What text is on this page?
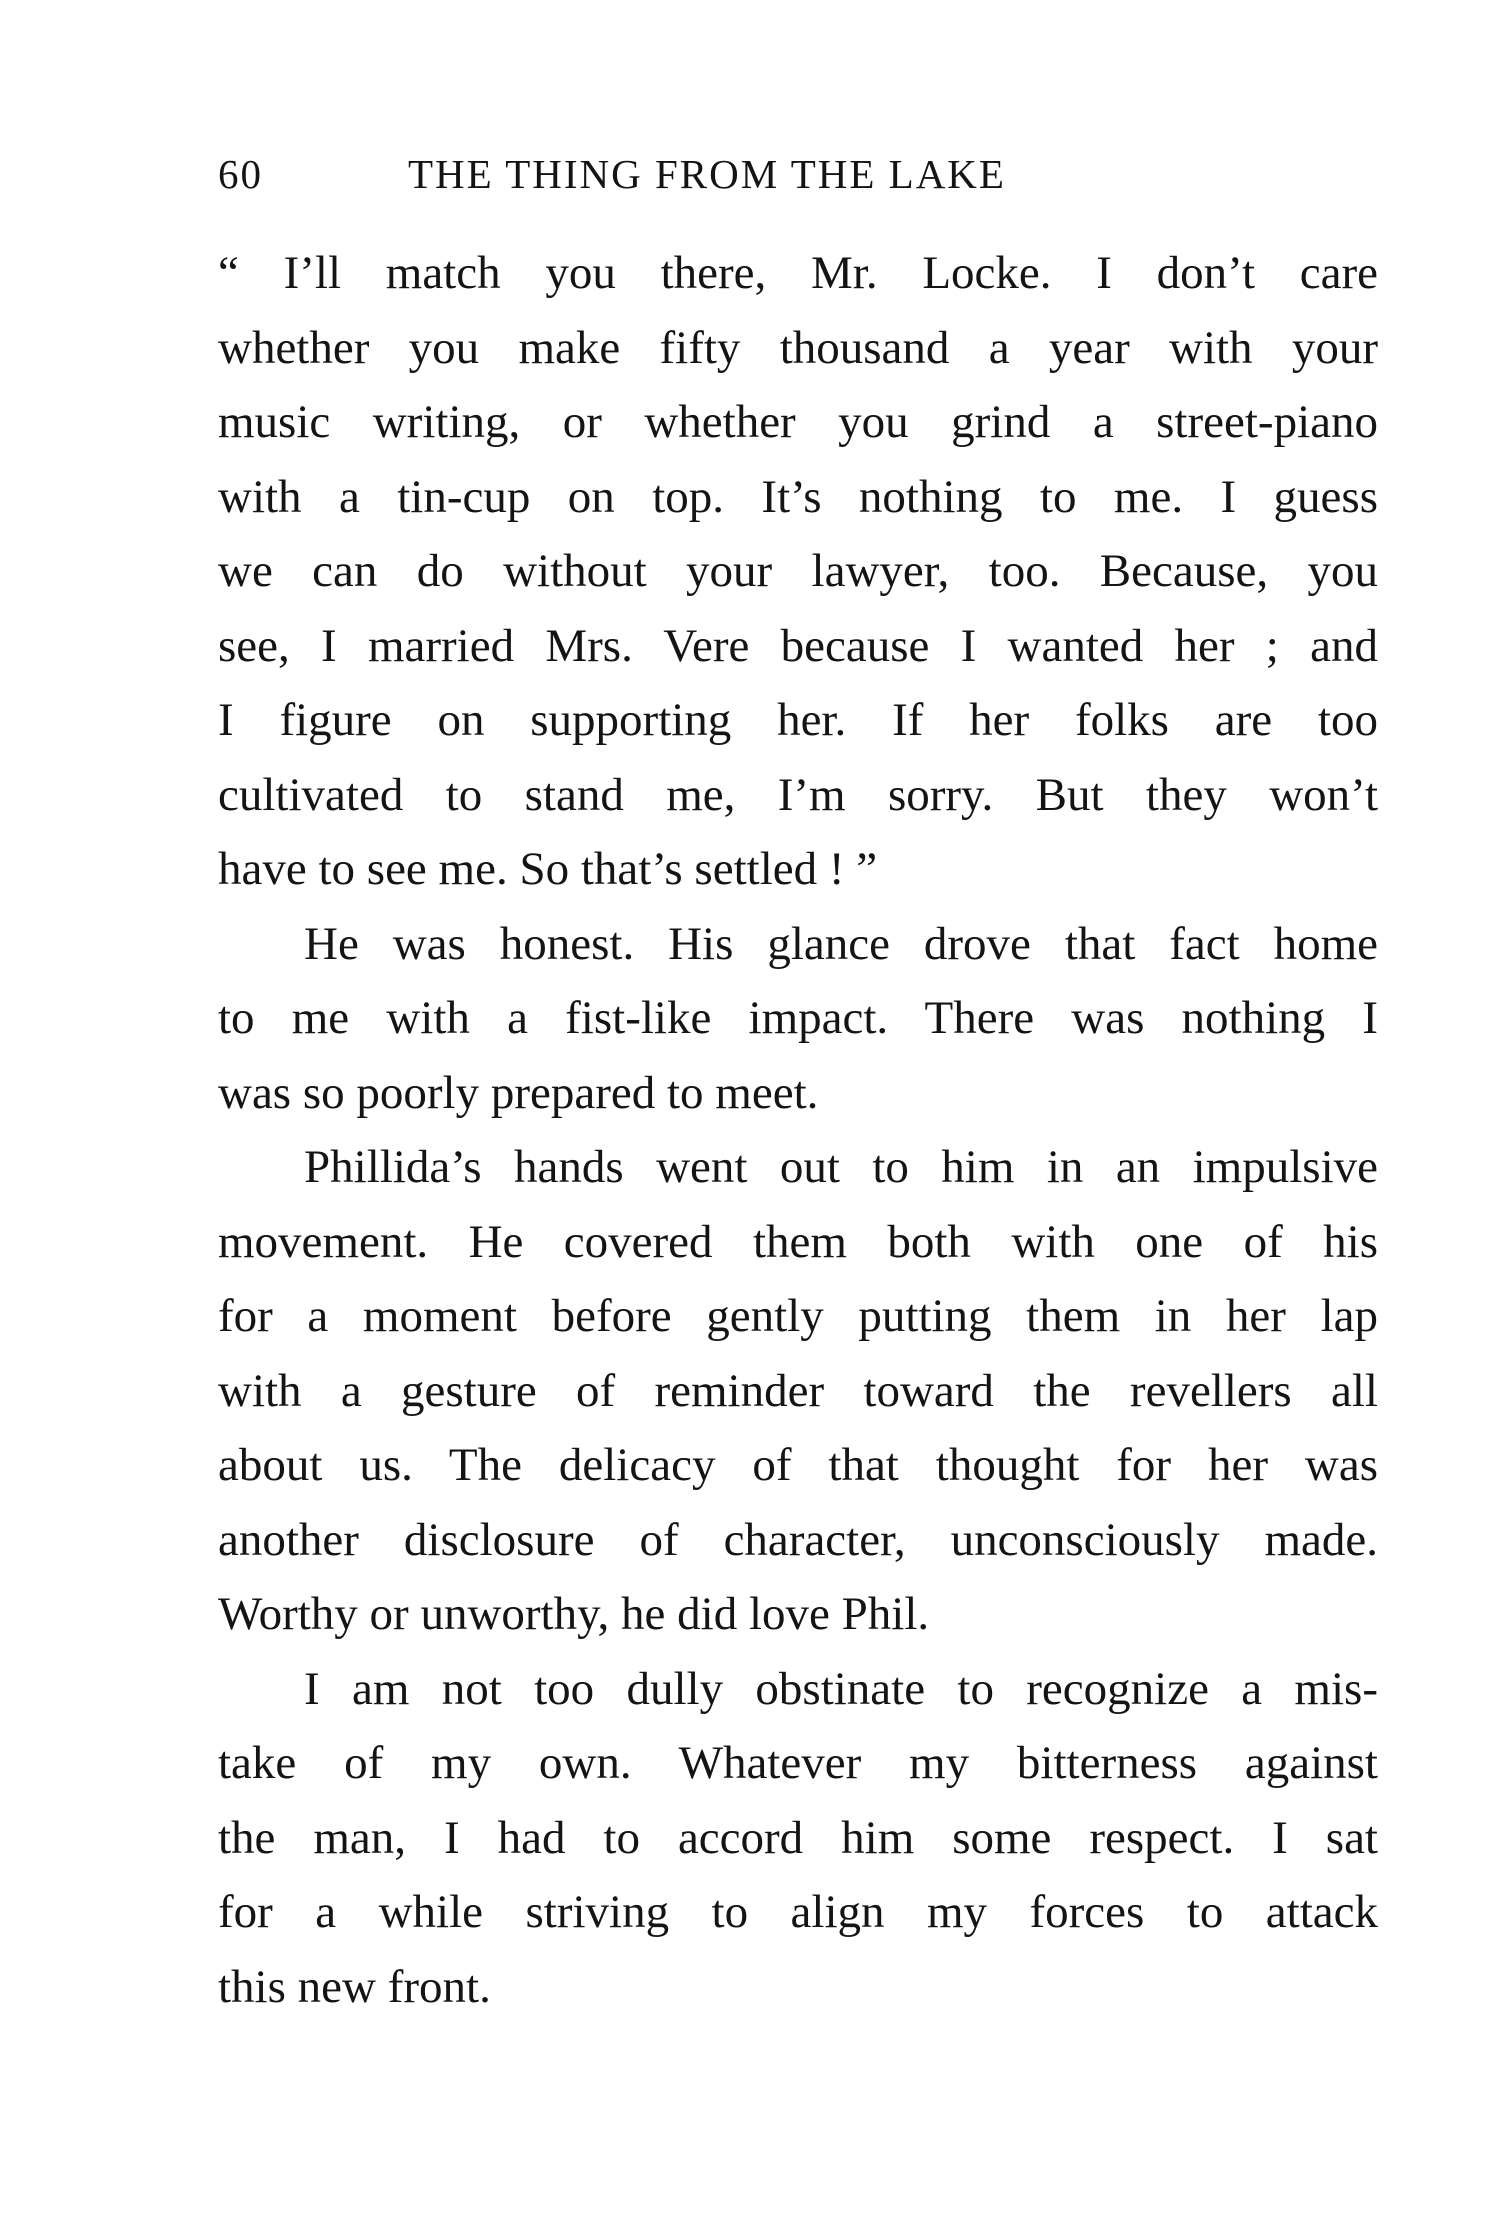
60	THE THING FROM THE LAKE
“ I’ll match you there, Mr. Locke. I don’t care
whether you make fifty thousand a year with your
music writing, or whether you grind a street-piano
with a tin-cup on top. It’s nothing to me. I guess
we can do without your lawyer, too. Because, you
see, I married Mrs. Vere because I wanted her ; and
I figure on supporting her. If her folks are too
cultivated to stand me, I’m sorry. But they won’t
have to see me. So that’s settled ! ”
He was honest. His glance drove that fact home
to me with a fist-like impact. There was nothing I
was so poorly prepared to meet.
Phillida’s hands went out to him in an impulsive
movement. He covered them both with one of his
for a moment before gently putting them in her lap
with a gesture of reminder toward the revellers all
about us. The delicacy of that thought for her was
another disclosure of character, unconsciously made.
Worthy or unworthy, he did love Phil.
I am not too dully obstinate to recognize a mis-
take of my own. Whatever my bitterness against
the man, I had to accord him some respect. I sat
for a while striving to align my forces to attack
this new front.
